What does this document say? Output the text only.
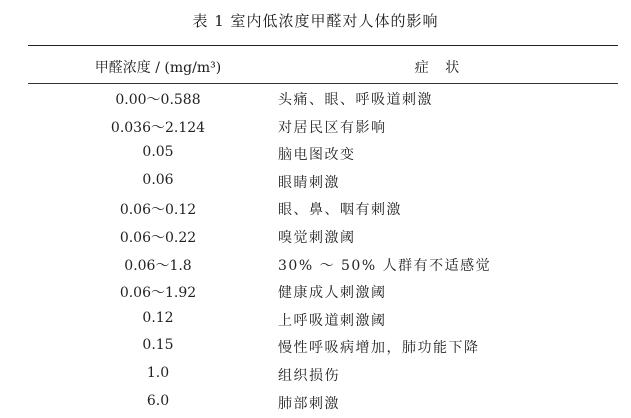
表 1 室内低浓度甲醛对人体的影响
甲醛浓度 / (mg/m³)	症 状
0.00～0.588	头痛、眼、呼吸道刺激
0.036～2.124	对居民区有影响
0.05	脑电图改变
0.06	眼睛刺激
0.06～0.12	眼、鼻、咽有刺激
0.06～0.22	嗅觉刺激阈
0.06～1.8	30% ～ 50% 人群有不适感觉
0.06～1.92	健康成人刺激阈
0.12	上呼吸道刺激阈
0.15	慢性呼吸病增加，肺功能下降
1.0	组织损伤
6.0	肺部刺激
